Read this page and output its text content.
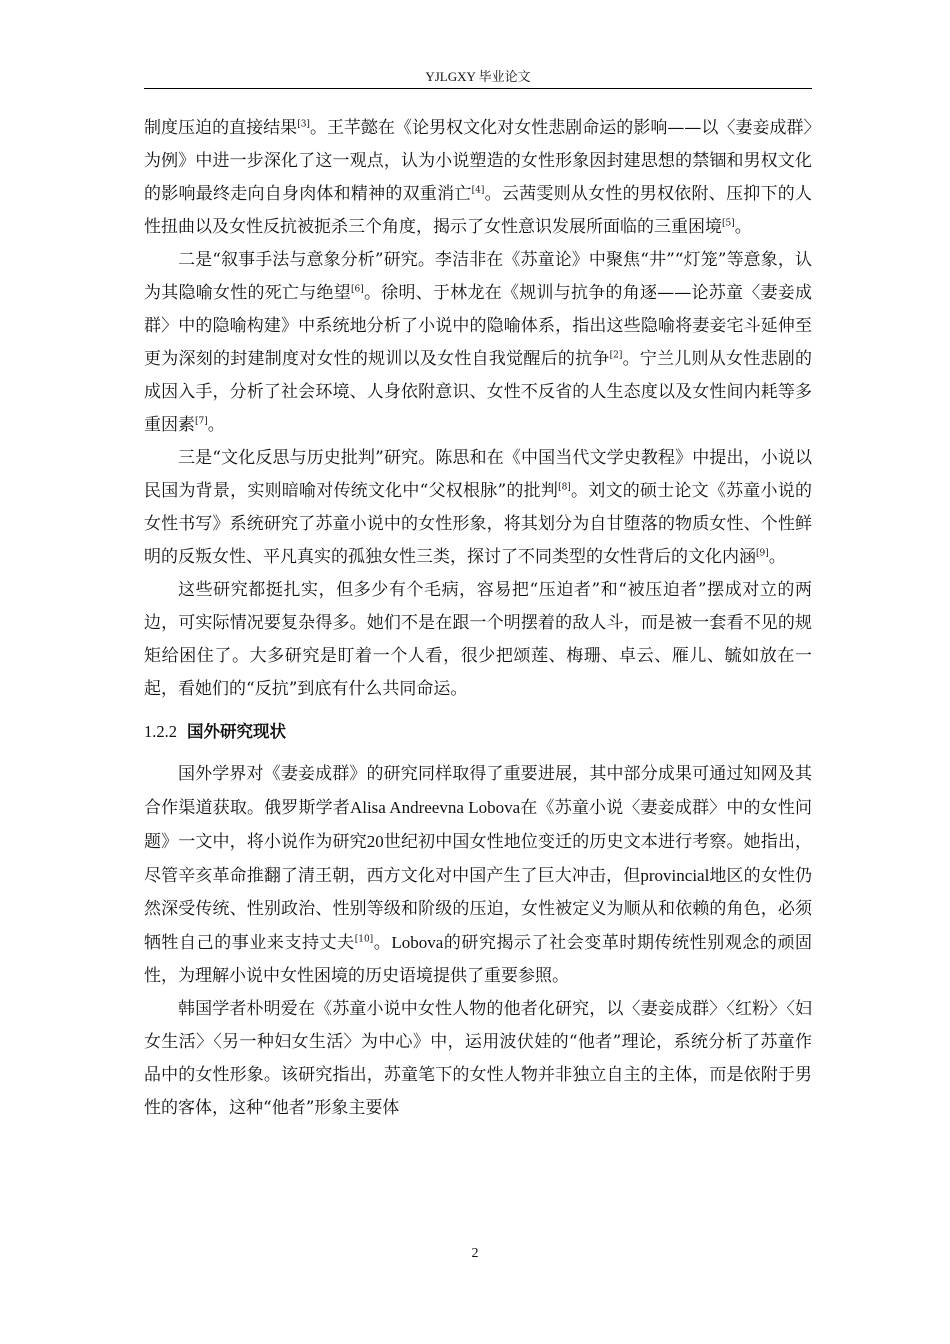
YJLGXY 毕业论文

制度压迫的直接结果[3]。王芊懿在《论男权文化对女性悲剧命运的影响——以〈妻妾成群〉为例》中进一步深化了这一观点，认为小说塑造的女性形象因封建思想的禁锢和男权文化的影响最终走向自身肉体和精神的双重消亡[4]。云茜雯则从女性的男权依附、压抑下的人性扭曲以及女性反抗被扼杀三个角度，揭示了女性意识发展所面临的三重困境[5]。

二是“叙事手法与意象分析”研究。李洁非在《苏童论》中聚焦“井”“灯笼”等意象，认为其隐喻女性的死亡与绝望[6]。徐明、于林龙在《规训与抗争的角逐——论苏童〈妻妾成群〉中的隐喻构建》中系统地分析了小说中的隐喻体系，指出这些隐喻将妻妾宅斗延伸至更为深刻的封建制度对女性的规训以及女性自我觉醒后的抗争[2]。宁兰儿则从女性悲剧的成因入手，分析了社会环境、人身依附意识、女性不反省的人生态度以及女性间内耗等多重因素[7]。

三是“文化反思与历史批判”研究。陈思和在《中国当代文学史教程》中提出，小说以民国为背景，实则暗喻对传统文化中“父权根脉”的批判[8]。刘文的硕士论文《苏童小说的女性书写》系统研究了苏童小说中的女性形象，将其划分为自甘堕落的物质女性、个性鲜明的反叛女性、平凡真实的孤独女性三类，探讨了不同类型的女性背后的文化内涵[9]。

这些研究都挺扎实，但多少有个毛病，容易把“压迫者”和“被压迫者”摆成对立的两边，可实际情况要复杂得多。她们不是在跟一个明摆着的敌人斗，而是被一套看不见的规矩给困住了。大多研究是盯着一个人看，很少把颂莲、梅珊、卓云、雁儿、毓如放在一起，看她们的“反抗”到底有什么共同命运。

1.2.2 国外研究现状

国外学界对《妻妾成群》的研究同样取得了重要进展，其中部分成果可通过知网及其合作渠道获取。俄罗斯学者Alisa Andreevna Lobova在《苏童小说〈妻妾成群〉中的女性问题》一文中，将小说作为研究20世纪初中国女性地位变迁的历史文本进行考察。她指出，尽管辛亥革命推翻了清王朝，西方文化对中国产生了巨大冲击，但provincial地区的女性仍然深受传统、性别政治、性别等级和阶级的压迫，女性被定义为顺从和依赖的角色，必须牺牲自己的事业来支持丈夫[10]。Lobova的研究揭示了社会变革时期传统性别观念的顽固性，为理解小说中女性困境的历史语境提供了重要参照。

韩国学者朴明爱在《苏童小说中女性人物的他者化研究，以〈妻妾成群〉〈红粉〉〈妇女生活〉〈另一种妇女生活〉为中心》中，运用波伏娃的“他者”理论，系统分析了苏童作品中的女性形象。该研究指出，苏童笔下的女性人物并非独立自主的主体，而是依附于男性的客体，这种“他者”形象主要体

2
